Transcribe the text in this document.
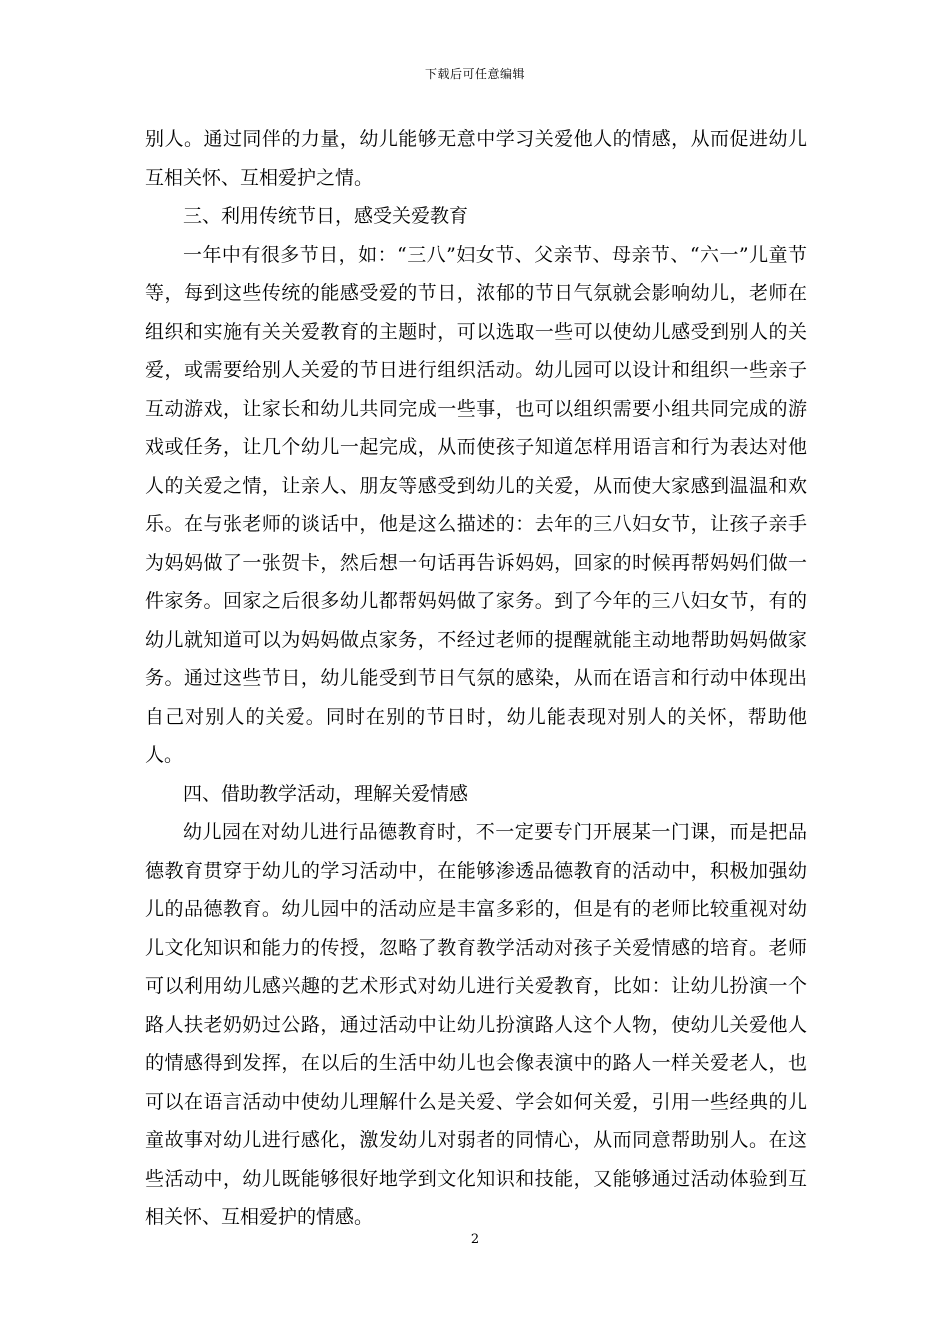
下载后可任意编辑

别人。通过同伴的力量，幼儿能够无意中学习关爱他人的情感，从而促进幼儿互相关怀、互相爱护之情。

三、利用传统节日，感受关爱教育

一年中有很多节日，如：“三八”妇女节、父亲节、母亲节、“六一”儿童节等，每到这些传统的能感受爱的节日，浓郁的节日气氛就会影响幼儿，老师在组织和实施有关关爱教育的主题时，可以选取一些可以使幼儿感受到别人的关爱，或需要给别人关爱的节日进行组织活动。幼儿园可以设计和组织一些亲子互动游戏，让家长和幼儿共同完成一些事，也可以组织需要小组共同完成的游戏或任务，让几个幼儿一起完成，从而使孩子知道怎样用语言和行为表达对他人的关爱之情，让亲人、朋友等感受到幼儿的关爱，从而使大家感到温温和欢乐。在与张老师的谈话中，他是这么描述的：去年的三八妇女节，让孩子亲手为妈妈做了一张贺卡，然后想一句话再告诉妈妈，回家的时候再帮妈妈们做一件家务。回家之后很多幼儿都帮妈妈做了家务。到了今年的三八妇女节，有的幼儿就知道可以为妈妈做点家务，不经过老师的提醒就能主动地帮助妈妈做家务。通过这些节日，幼儿能受到节日气氛的感染，从而在语言和行动中体现出自己对别人的关爱。同时在别的节日时，幼儿能表现对别人的关怀，帮助他人。

四、借助教学活动，理解关爱情感

幼儿园在对幼儿进行品德教育时，不一定要专门开展某一门课，而是把品德教育贯穿于幼儿的学习活动中，在能够渗透品德教育的活动中，积极加强幼儿的品德教育。幼儿园中的活动应是丰富多彩的，但是有的老师比较重视对幼儿文化知识和能力的传授，忽略了教育教学活动对孩子关爱情感的培育。老师可以利用幼儿感兴趣的艺术形式对幼儿进行关爱教育，比如：让幼儿扮演一个路人扶老奶奶过公路，通过活动中让幼儿扮演路人这个人物，使幼儿关爱他人的情感得到发挥，在以后的生活中幼儿也会像表演中的路人一样关爱老人，也可以在语言活动中使幼儿理解什么是关爱、学会如何关爱，引用一些经典的儿童故事对幼儿进行感化，激发幼儿对弱者的同情心，从而同意帮助别人。在这些活动中，幼儿既能够很好地学到文化知识和技能，又能够通过活动体验到互相关怀、互相爱护的情感。

2
